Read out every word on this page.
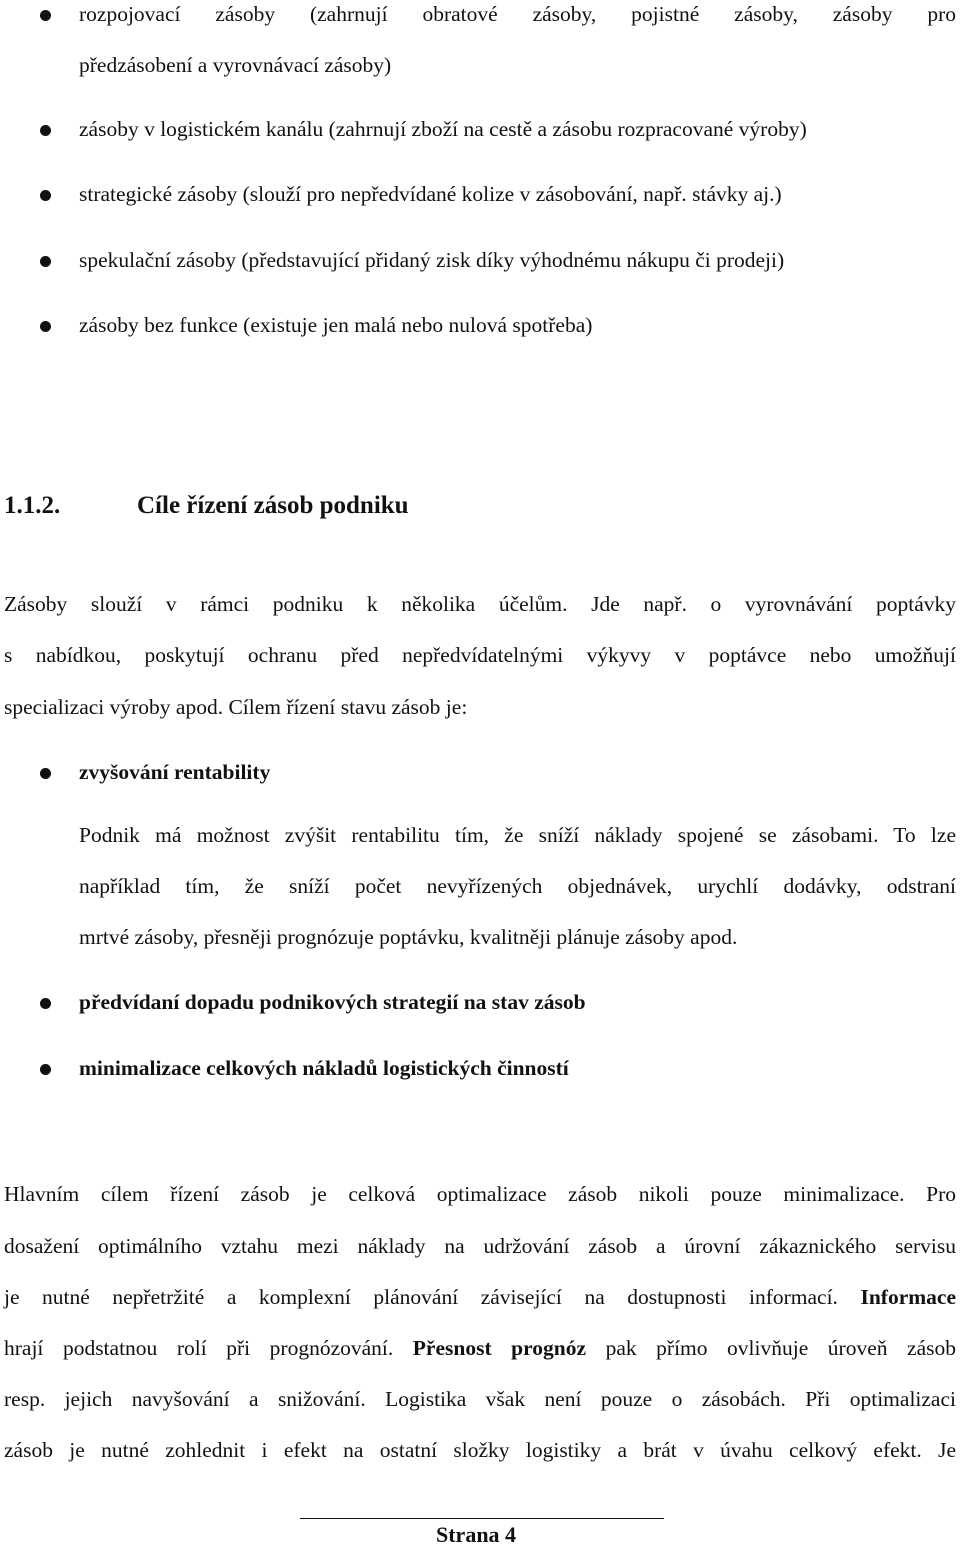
rozpojovací zásoby (zahrnují obratové zásoby, pojistné zásoby, zásoby pro
předzásobení a vyrovnávací zásoby)
zásoby v logistickém kanálu (zahrnují zboží na cestě a zásobu rozpracované výroby)
strategické zásoby (slouží pro nepředvídané kolize v zásobování, např. stávky aj.)
spekulační zásoby (představující přidaný zisk díky výhodnému nákupu či prodeji)
zásoby bez funkce (existuje jen malá nebo nulová spotřeba)
1.1.2.	Cíle řízení zásob podniku
Zásoby slouží v rámci podniku k několika účelům. Jde např. o vyrovnávání poptávky
s nabídkou, poskytují ochranu před nepředvídatelnými výkyvy v poptávce nebo umožňují
specializaci výroby apod. Cílem řízení stavu zásob je:
zvyšování rentability
Podnik má možnost zvýšit rentabilitu tím, že sníží náklady spojené se zásobami. To lze
například tím, že sníží počet nevyřízených objednávek, urychlí dodávky, odstraní
mrtvé zásoby, přesněji prognózuje poptávku, kvalitněji plánuje zásoby apod.
předvídaní dopadu podnikových strategií na stav zásob
minimalizace celkových nákladů logistických činností
Hlavním cílem řízení zásob je celková optimalizace zásob nikoli pouze minimalizace. Pro
dosažení optimálního vztahu mezi náklady na udržování zásob a úrovní zákaznického servisu
je nutné nepřetržité a komplexní plánování závisející na dostupnosti informací. Informace
hrají podstatnou rolí při prognózování. Přesnost prognóz pak přímo ovlivňuje úroveň zásob
resp. jejich navyšování a snižování. Logistika však není pouze o zásobách. Při optimalizaci
zásob je nutné zohlednit i efekt na ostatní složky logistiky a brát v úvahu celkový efekt. Je
Strana 4
